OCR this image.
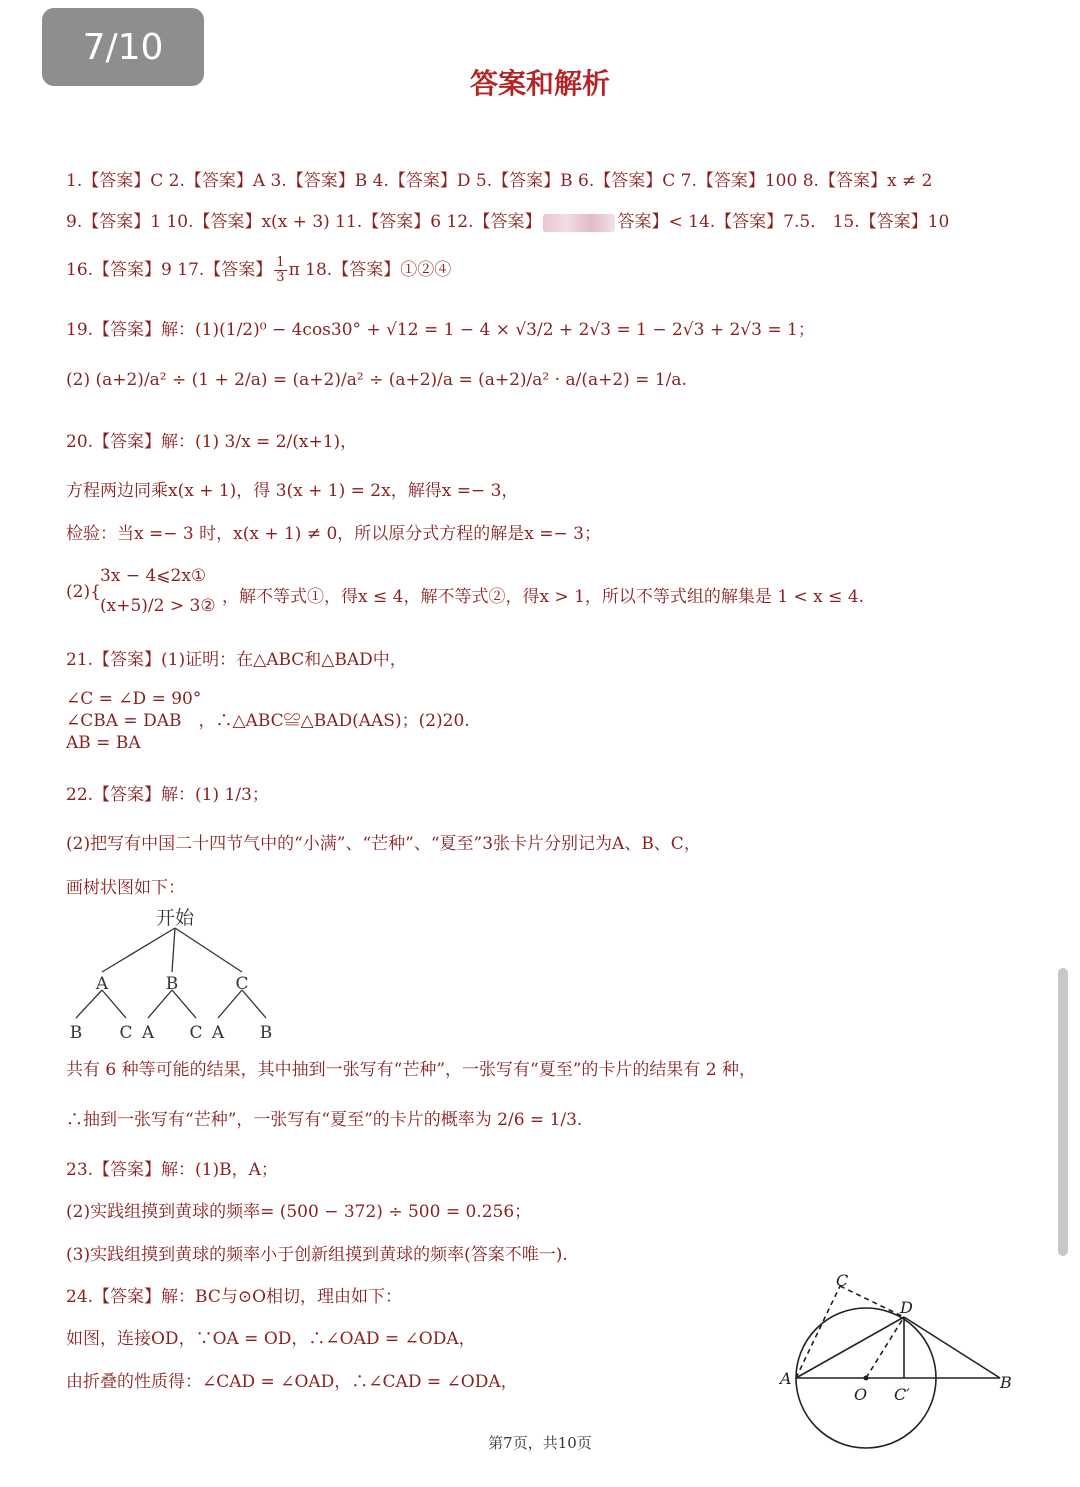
7/10
答案和解析
1.【答案】C 2.【答案】A 3.【答案】B 4.【答案】D 5.【答案】B 6.【答案】C 7.【答案】100 8.【答案】x ≠ 2
9.【答案】1 10.【答案】x(x + 3) 11.【答案】6 12.【答案】	答案】< 14.【答案】7.5． 15.【答案】10
16.【答案】9 17.【答案】 $\frac{1}{3}$ π 18.【答案】①②④
19.【答案】解：(1)(1/2)⁰ − 4cos30° + √12 = 1 − 4 × √3/2 + 2√3 = 1 − 2√3 + 2√3 = 1；
(2) (a+2)/a² ÷ (1 + 2/a) = (a+2)/a² ÷ (a+2)/a = (a+2)/a² · a/(a+2) = 1/a.
20.【答案】解：(1) 3/x = 2/(x+1)，
方程两边同乘x(x + 1)，得 3(x + 1) = 2x，解得x =− 3，
检验：当x =− 3 时，x(x + 1) ≠ 0，所以原分式方程的解是x =− 3；
(2){
3x − 4⩽2x①
(x+5)/2 > 3② ，解不等式①，得x ≤ 4，解不等式②，得x > 1，所以不等式组的解集是 1 < x ≤ 4.
21.【答案】(1)证明：在△ABC和△BAD中，
∠C = ∠D = 90°
∠CBA = DAB　，∴△ABC≌△BAD(AAS)；(2)20.
AB = BA
22.【答案】解：(1) 1/3；
(2)把写有中国二十四节气中的“小满”、“芒种”、“夏至”3张卡片分别记为A、B、C，
画树状图如下：
开始
A	B	C
B C A C A B
共有 6 种等可能的结果，其中抽到一张写有“芒种”，一张写有“夏至”的卡片的结果有 2 种，
∴抽到一张写有“芒种”，一张写有“夏至”的卡片的概率为 2/6 = 1/3.
23.【答案】解：(1)B，A；
(2)实践组摸到黄球的频率= (500 − 372) ÷ 500 = 0.256；
(3)实践组摸到黄球的频率小于创新组摸到黄球的频率(答案不唯一).
24.【答案】解：BC与⊙O相切，理由如下：
如图，连接OD，∵OA = OD，∴∠OAD = ∠ODA，
由折叠的性质得：∠CAD = ∠OAD，∴∠CAD = ∠ODA，
C
D
A
O C′
B
第7页，共10页
